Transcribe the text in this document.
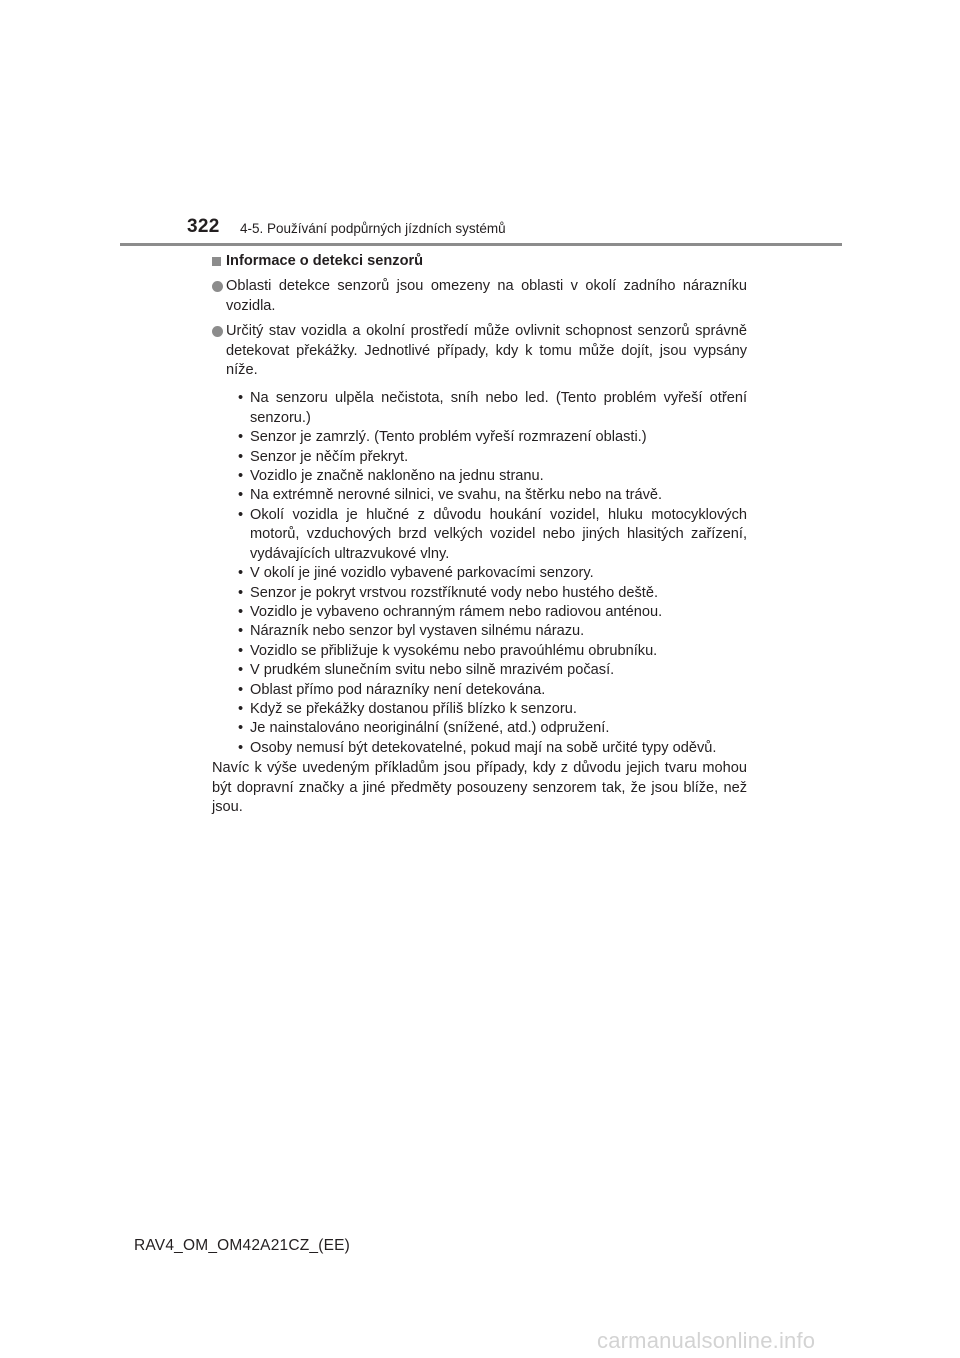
322 4-5. Používání podpůrných jízdních systémů
Informace o detekci senzorů
Oblasti detekce senzorů jsou omezeny na oblasti v okolí zadního nárazníku vozidla.
Určitý stav vozidla a okolní prostředí může ovlivnit schopnost senzorů správně detekovat překážky. Jednotlivé případy, kdy k tomu může dojít, jsou vypsány níže.
• Na senzoru ulpěla nečistota, sníh nebo led. (Tento problém vyřeší otření senzoru.)
• Senzor je zamrzlý. (Tento problém vyřeší rozmrazení oblasti.)
• Senzor je něčím překryt.
• Vozidlo je značně nakloněno na jednu stranu.
• Na extrémně nerovné silnici, ve svahu, na štěrku nebo na trávě.
• Okolí vozidla je hlučné z důvodu houkání vozidel, hluku motocyklových motorů, vzduchových brzd velkých vozidel nebo jiných hlasitých zařízení, vydávajících ultrazvukové vlny.
• V okolí je jiné vozidlo vybavené parkovacími senzory.
• Senzor je pokryt vrstvou rozstříknuté vody nebo hustého deště.
• Vozidlo je vybaveno ochranným rámem nebo radiovou anténou.
• Nárazník nebo senzor byl vystaven silnému nárazu.
• Vozidlo se přibližuje k vysokému nebo pravoúhlému obrubníku.
• V prudkém slunečním svitu nebo silně mrazivém počasí.
• Oblast přímo pod nárazníky není detekována.
• Když se překážky dostanou příliš blízko k senzoru.
• Je nainstalováno neoriginální (snížené, atd.) odpružení.
• Osoby nemusí být detekovatelné, pokud mají na sobě určité typy oděvů.
Navíc k výše uvedeným příkladům jsou případy, kdy z důvodu jejich tvaru mohou být dopravní značky a jiné předměty posouzeny senzorem tak, že jsou blíže, než jsou.
RAV4_OM_OM42A21CZ_(EE)
carmanualsonline.info
